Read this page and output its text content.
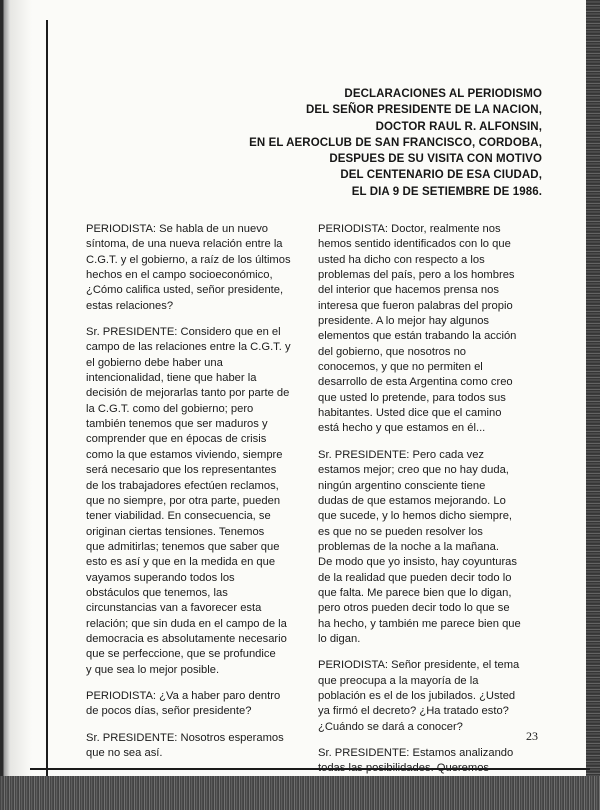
DECLARACIONES AL PERIODISMO
DEL SEÑOR PRESIDENTE DE LA NACION,
DOCTOR RAUL R. ALFONSIN,
EN EL AEROCLUB DE SAN FRANCISCO, CORDOBA,
DESPUES DE SU VISITA CON MOTIVO
DEL CENTENARIO DE ESA CIUDAD,
EL DIA 9 DE SETIEMBRE DE 1986.

PERIODISTA: Se habla de un nuevo
síntoma, de una nueva relación entre la
C.G.T. y el gobierno, a raíz de los últimos
hechos en el campo socioeconómico,
¿Cómo califica usted, señor presidente,
estas relaciones?

Sr. PRESIDENTE: Considero que en el
campo de las relaciones entre la C.G.T. y
el gobierno debe haber una
intencionalidad, tiene que haber la
decisión de mejorarlas tanto por parte de
la C.G.T. como del gobierno; pero
también tenemos que ser maduros y
comprender que en épocas de crisis
como la que estamos viviendo, siempre
será necesario que los representantes
de los trabajadores efectúen reclamos,
que no siempre, por otra parte, pueden
tener viabilidad. En consecuencia, se
originan ciertas tensiones. Tenemos
que admitirlas; tenemos que saber que
esto es así y que en la medida en que
vayamos superando todos los
obstáculos que tenemos, las
circunstancias van a favorecer esta
relación; que sin duda en el campo de la
democracia es absolutamente necesario
que se perfeccione, que se profundice
y que sea lo mejor posible.

PERIODISTA: ¿Va a haber paro dentro
de pocos días, señor presidente?

Sr. PRESIDENTE: Nosotros esperamos
que no sea así.

PERIODISTA: Doctor, realmente nos
hemos sentido identificados con lo que
usted ha dicho con respecto a los
problemas del país, pero a los hombres
del interior que hacemos prensa nos
interesa que fueron palabras del propio
presidente. A lo mejor hay algunos
elementos que están trabando la acción
del gobierno, que nosotros no
conocemos, y que no permiten el
desarrollo de esta Argentina como creo
que usted lo pretende, para todos sus
habitantes. Usted dice que el camino
está hecho y que estamos en él...

Sr. PRESIDENTE: Pero cada vez
estamos mejor; creo que no hay duda,
ningún argentino consciente tiene
dudas de que estamos mejorando. Lo
que sucede, y lo hemos dicho siempre,
es que no se pueden resolver los
problemas de la noche a la mañana.
De modo que yo insisto, hay coyunturas
de la realidad que pueden decir todo lo
que falta. Me parece bien que lo digan,
pero otros pueden decir todo lo que se
ha hecho, y también me parece bien que
lo digan.

PERIODISTA: Señor presidente, el tema
que preocupa a la mayoría de la
población es el de los jubilados. ¿Usted
ya firmó el decreto? ¿Ha tratado esto?
¿Cuándo se dará a conocer?

Sr. PRESIDENTE: Estamos analizando
todas las posibilidades. Queremos

23
